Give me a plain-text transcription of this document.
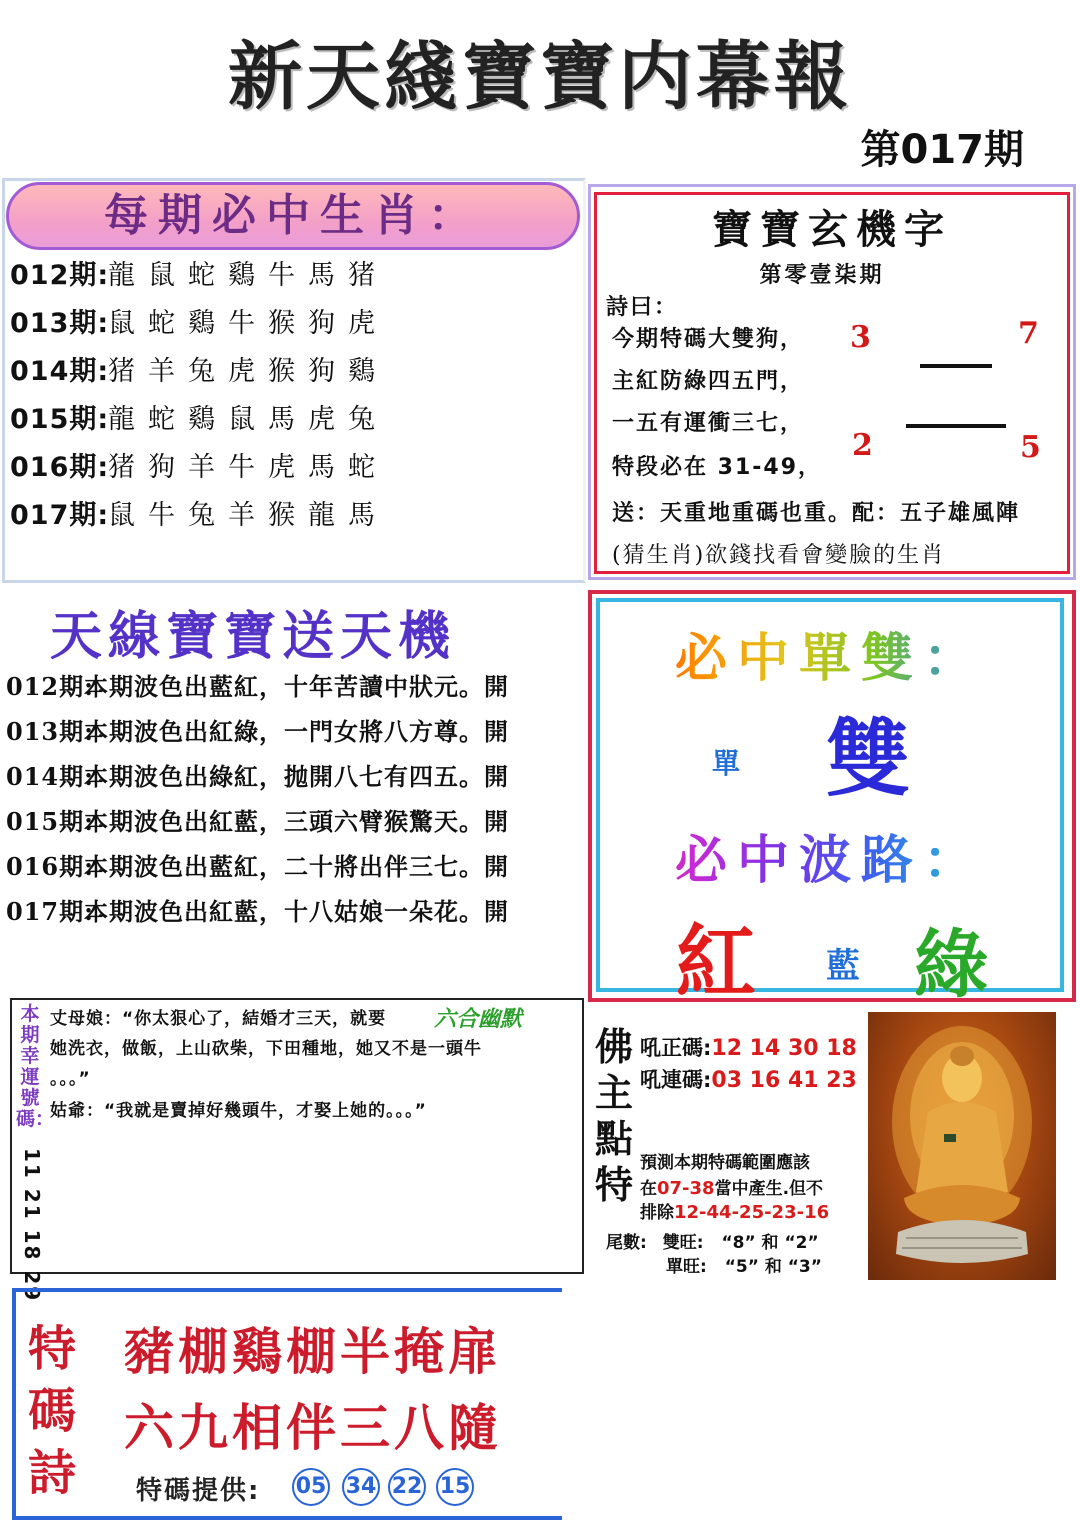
新天綫寶寶内幕報
第017期
每期必中生肖：
012期:龍 鼠 蛇 鷄 牛 馬 猪
013期:鼠 蛇 鷄 牛 猴 狗 虎
014期:猪 羊 兔 虎 猴 狗 鷄
015期:龍 蛇 鷄 鼠 馬 虎 兔
016期:猪 狗 羊 牛 虎 馬 蛇
017期:鼠 牛 兔 羊 猴 龍 馬
寶寶玄機字
第零壹柒期
詩曰：
今期特碼大雙狗，
主紅防綠四五門，
一五有運衝三七，
特段必在 31-49，
3	7
2	5
送：天重地重碼也重。配：五子雄風陣
(猜生肖)欲錢找看會變臉的生肖
天線寶寶送天機
012期:本期波色出藍紅，十年苦讀中狀元。開
013期:本期波色出紅綠，一門女將八方尊。開
014期:本期波色出綠紅，抛開八七有四五。開
015期:本期波色出紅藍，三頭六臂猴驚天。開
016期:本期波色出藍紅，二十將出伴三七。開
017期:本期波色出紅藍，十八姑娘一朵花。開
必中單雙：
單 雙
必中波路：
紅 藍 綠
本期幸運號碼：
11 21 18 29
六合幽默
丈母娘：“你太狠心了，結婚才三天，就要
她洗衣，做飯，上山砍柴，下田種地，她又不是一頭牛
。。。”
姑爺：“我就是賣掉好幾頭牛，才娶上她的。。。”
佛主點特
吼正碼:12 14 30 18
吼連碼:03 16 41 23
預測本期特碼範圍應該
在07-38當中產生.但不
排除12-44-25-23-16
尾數: 雙旺: “8” 和 “2”
單旺: “5” 和 “3”
特碼詩
豬棚鷄棚半掩扉
六九相伴三八隨
特碼提供: 05 34 22 15
